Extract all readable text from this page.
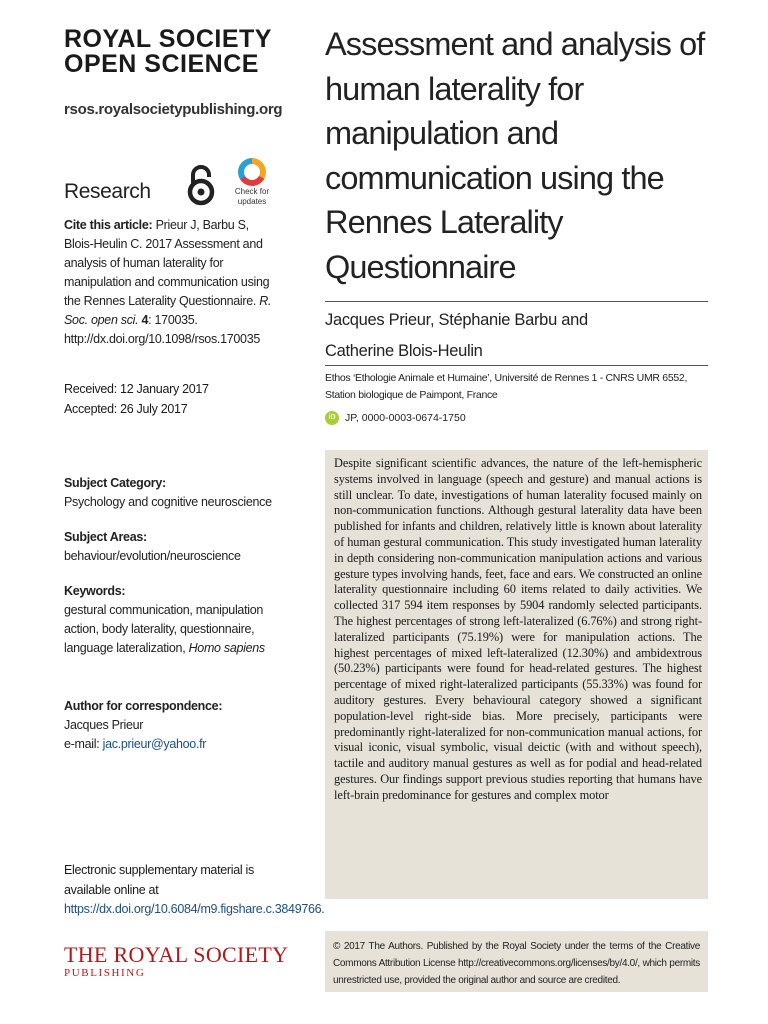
ROYAL SOCIETY
OPEN SCIENCE
rsos.royalsocietypublishing.org
Research	Check for
updates
Cite this article: Prieur J, Barbu S, Blois-Heulin C. 2017 Assessment and analysis of human laterality for manipulation and communication using the Rennes Laterality Questionnaire. R. Soc. open sci. 4: 170035. http://dx.doi.org/10.1098/rsos.170035
Received: 12 January 2017
Accepted: 26 July 2017
Subject Category:
Psychology and cognitive neuroscience
Subject Areas:
behaviour/evolution/neuroscience
Keywords:
gestural communication, manipulation action, body laterality, questionnaire, language lateralization, Homo sapiens
Author for correspondence:
Jacques Prieur
e-mail: jac.prieur@yahoo.fr
Electronic supplementary material is available online at https://dx.doi.org/10.6084/m9.figshare.c.3849766.
THE ROYAL SOCIETY
PUBLISHING
Assessment and analysis of human laterality for manipulation and communication using the Rennes Laterality Questionnaire
Jacques Prieur, Stéphanie Barbu and
Catherine Blois-Heulin
Ethos ‘Ethologie Animale et Humaine’, Université de Rennes 1 - CNRS UMR 6552,
Station biologique de Paimpont, France
iD JP, 0000-0003-0674-1750

Despite significant scientific advances, the nature of the left-hemispheric systems involved in language (speech and gesture) and manual actions is still unclear. To date, investigations of human laterality focused mainly on non-communication functions. Although gestural laterality data have been published for infants and children, relatively little is known about laterality of human gestural communication. This study investigated human laterality in depth considering non-communication manipulation actions and various gesture types involving hands, feet, face and ears. We constructed an online laterality questionnaire including 60 items related to daily activities. We collected 317 594 item responses by 5904 randomly selected participants. The highest percentages of strong left-lateralized (6.76%) and strong right-lateralized participants (75.19%) were for manipulation actions. The highest percentages of mixed left-lateralized (12.30%) and ambidextrous (50.23%) participants were found for head-related gestures. The highest percentage of mixed right-lateralized participants (55.33%) was found for auditory gestures. Every behavioural category showed a significant population-level right-side bias. More precisely, participants were predominantly right-lateralized for non-communication manual actions, for visual iconic, visual symbolic, visual deictic (with and without speech), tactile and auditory manual gestures as well as for podial and head-related gestures. Our findings support previous studies reporting that humans have left-brain predominance for gestures and complex motor

© 2017 The Authors. Published by the Royal Society under the terms of the Creative Commons Attribution License http://creativecommons.org/licenses/by/4.0/, which permits unrestricted use, provided the original author and source are credited.
